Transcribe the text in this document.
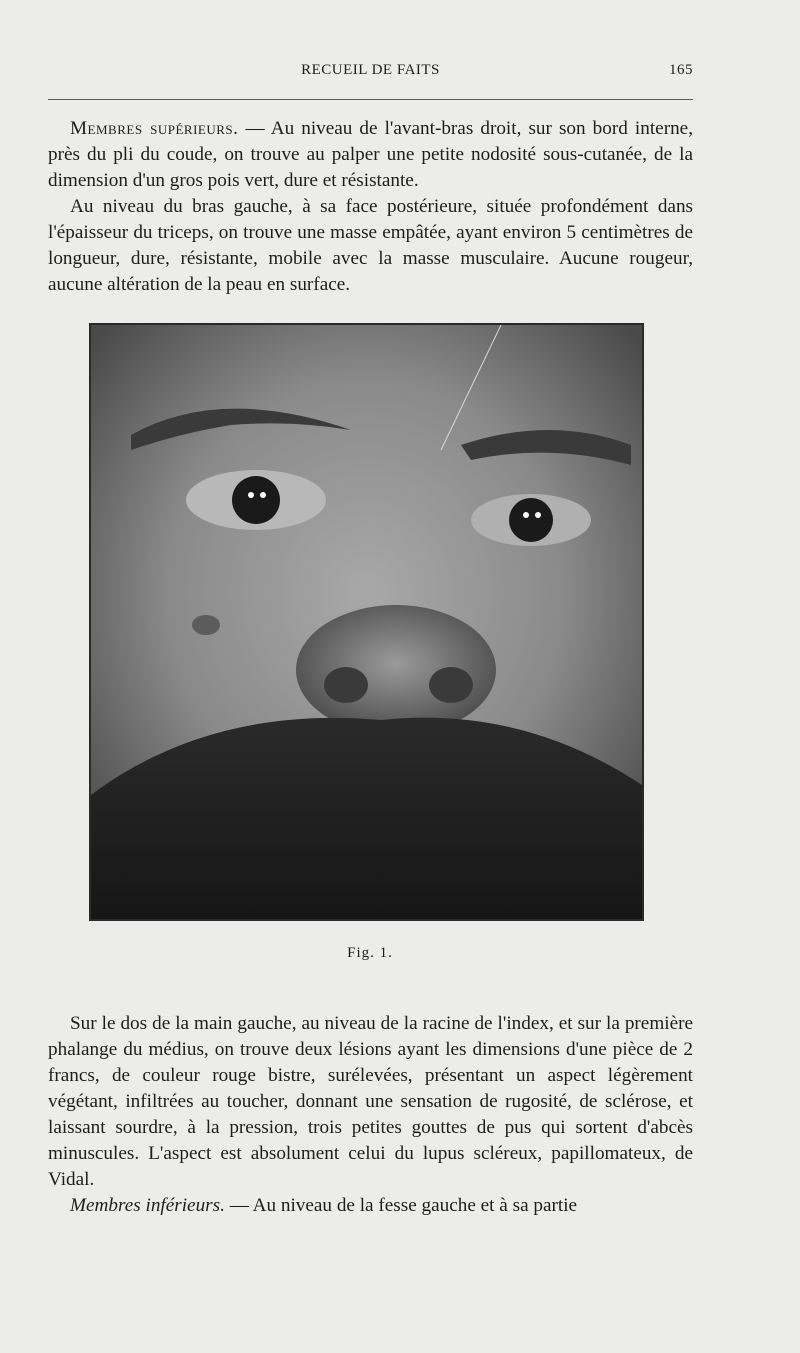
RECUEIL DE FAITS	165

Membres supérieurs. — Au niveau de l'avant-bras droit, sur son bord interne, près du pli du coude, on trouve au palper une petite nodosité sous-cutanée, de la dimension d'un gros pois vert, dure et résistante.

Au niveau du bras gauche, à sa face postérieure, située profondément dans l'épaisseur du triceps, on trouve une masse empâtée, ayant environ 5 centimètres de longueur, dure, résistante, mobile avec la masse musculaire. Aucune rougeur, aucune altération de la peau en surface.

Fig. 1.

Sur le dos de la main gauche, au niveau de la racine de l'index, et sur la première phalange du médius, on trouve deux lésions ayant les dimensions d'une pièce de 2 francs, de couleur rouge bistre, surélevées, présentant un aspect légèrement végétant, infiltrées au toucher, donnant une sensation de rugosité, de sclérose, et laissant sourdre, à la pression, trois petites gouttes de pus qui sortent d'abcès minuscules. L'aspect est absolument celui du lupus scléreux, papillomateux, de Vidal.

Membres inférieurs. — Au niveau de la fesse gauche et à sa partie
